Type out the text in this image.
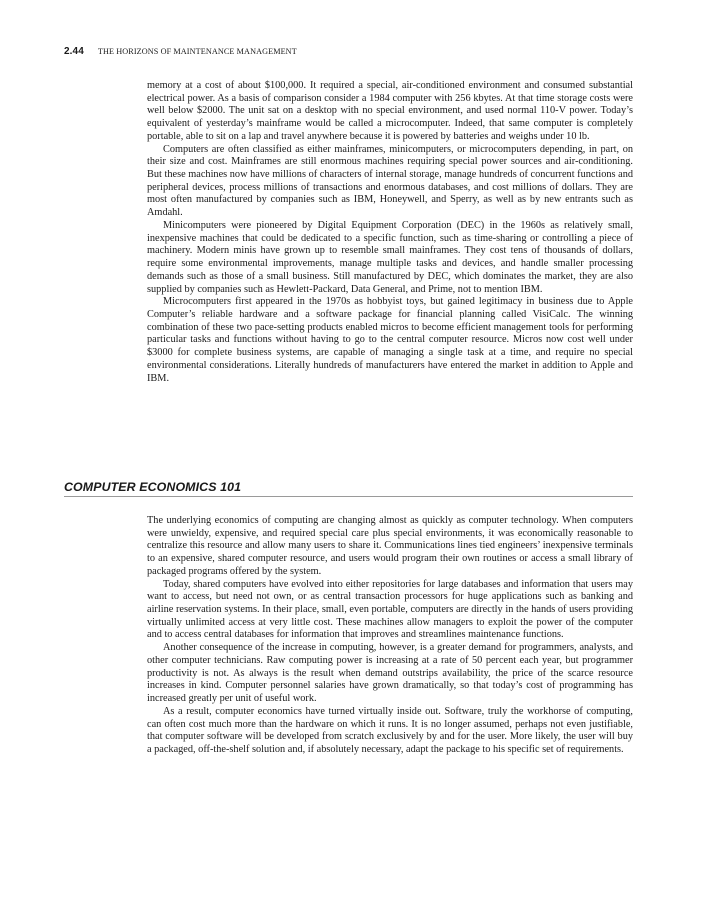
2.44 THE HORIZONS OF MAINTENANCE MANAGEMENT

memory at a cost of about $100,000. It required a special, air-conditioned environment and consumed substantial electrical power. As a basis of comparison consider a 1984 computer with 256 kbytes. At that time storage costs were well below $2000. The unit sat on a desktop with no special environment, and used normal 110-V power. Today’s equivalent of yesterday’s mainframe would be called a microcomputer. Indeed, that same computer is completely portable, able to sit on a lap and travel anywhere because it is powered by batteries and weighs under 10 lb.

Computers are often classified as either mainframes, minicomputers, or microcomputers depending, in part, on their size and cost. Mainframes are still enormous machines requiring special power sources and air-conditioning. But these machines now have millions of characters of internal storage, manage hundreds of concurrent functions and peripheral devices, process millions of transactions and enormous databases, and cost millions of dollars. They are most often manufactured by companies such as IBM, Honeywell, and Sperry, as well as by new entrants such as Amdahl.

Minicomputers were pioneered by Digital Equipment Corporation (DEC) in the 1960s as relatively small, inexpensive machines that could be dedicated to a specific function, such as time-sharing or controlling a piece of machinery. Modern minis have grown up to resemble small mainframes. They cost tens of thousands of dollars, require some environmental improvements, manage multiple tasks and devices, and handle smaller processing demands such as those of a small business. Still manufactured by DEC, which dominates the market, they are also supplied by companies such as Hewlett-Packard, Data General, and Prime, not to mention IBM.

Microcomputers first appeared in the 1970s as hobbyist toys, but gained legitimacy in business due to Apple Computer’s reliable hardware and a software package for financial planning called VisiCalc. The winning combination of these two pace-setting products enabled micros to become efficient management tools for performing particular tasks and functions without having to go to the central computer resource. Micros now cost well under $3000 for complete business systems, are capable of managing a single task at a time, and require no special environmental considerations. Literally hundreds of manufacturers have entered the market in addition to Apple and IBM.

COMPUTER ECONOMICS 101

The underlying economics of computing are changing almost as quickly as computer technology. When computers were unwieldy, expensive, and required special care plus special environments, it was economically reasonable to centralize this resource and allow many users to share it. Communications lines tied engineers’ inexpensive terminals to an expensive, shared computer resource, and users would program their own routines or access a small library of packaged programs offered by the system.

Today, shared computers have evolved into either repositories for large databases and information that users may want to access, but need not own, or as central transaction processors for huge applications such as banking and airline reservation systems. In their place, small, even portable, computers are directly in the hands of users providing virtually unlimited access at very little cost. These machines allow managers to exploit the power of the computer and to access central databases for information that improves and streamlines maintenance functions.

Another consequence of the increase in computing, however, is a greater demand for programmers, analysts, and other computer technicians. Raw computing power is increasing at a rate of 50 percent each year, but programmer productivity is not. As always is the result when demand outstrips availability, the price of the scarce resource increases in kind. Computer personnel salaries have grown dramatically, so that today’s cost of programming has increased greatly per unit of useful work.

As a result, computer economics have turned virtually inside out. Software, truly the workhorse of computing, can often cost much more than the hardware on which it runs. It is no longer assumed, perhaps not even justifiable, that computer software will be developed from scratch exclusively by and for the user. More likely, the user will buy a packaged, off-the-shelf solution and, if absolutely necessary, adapt the package to his specific set of requirements.
